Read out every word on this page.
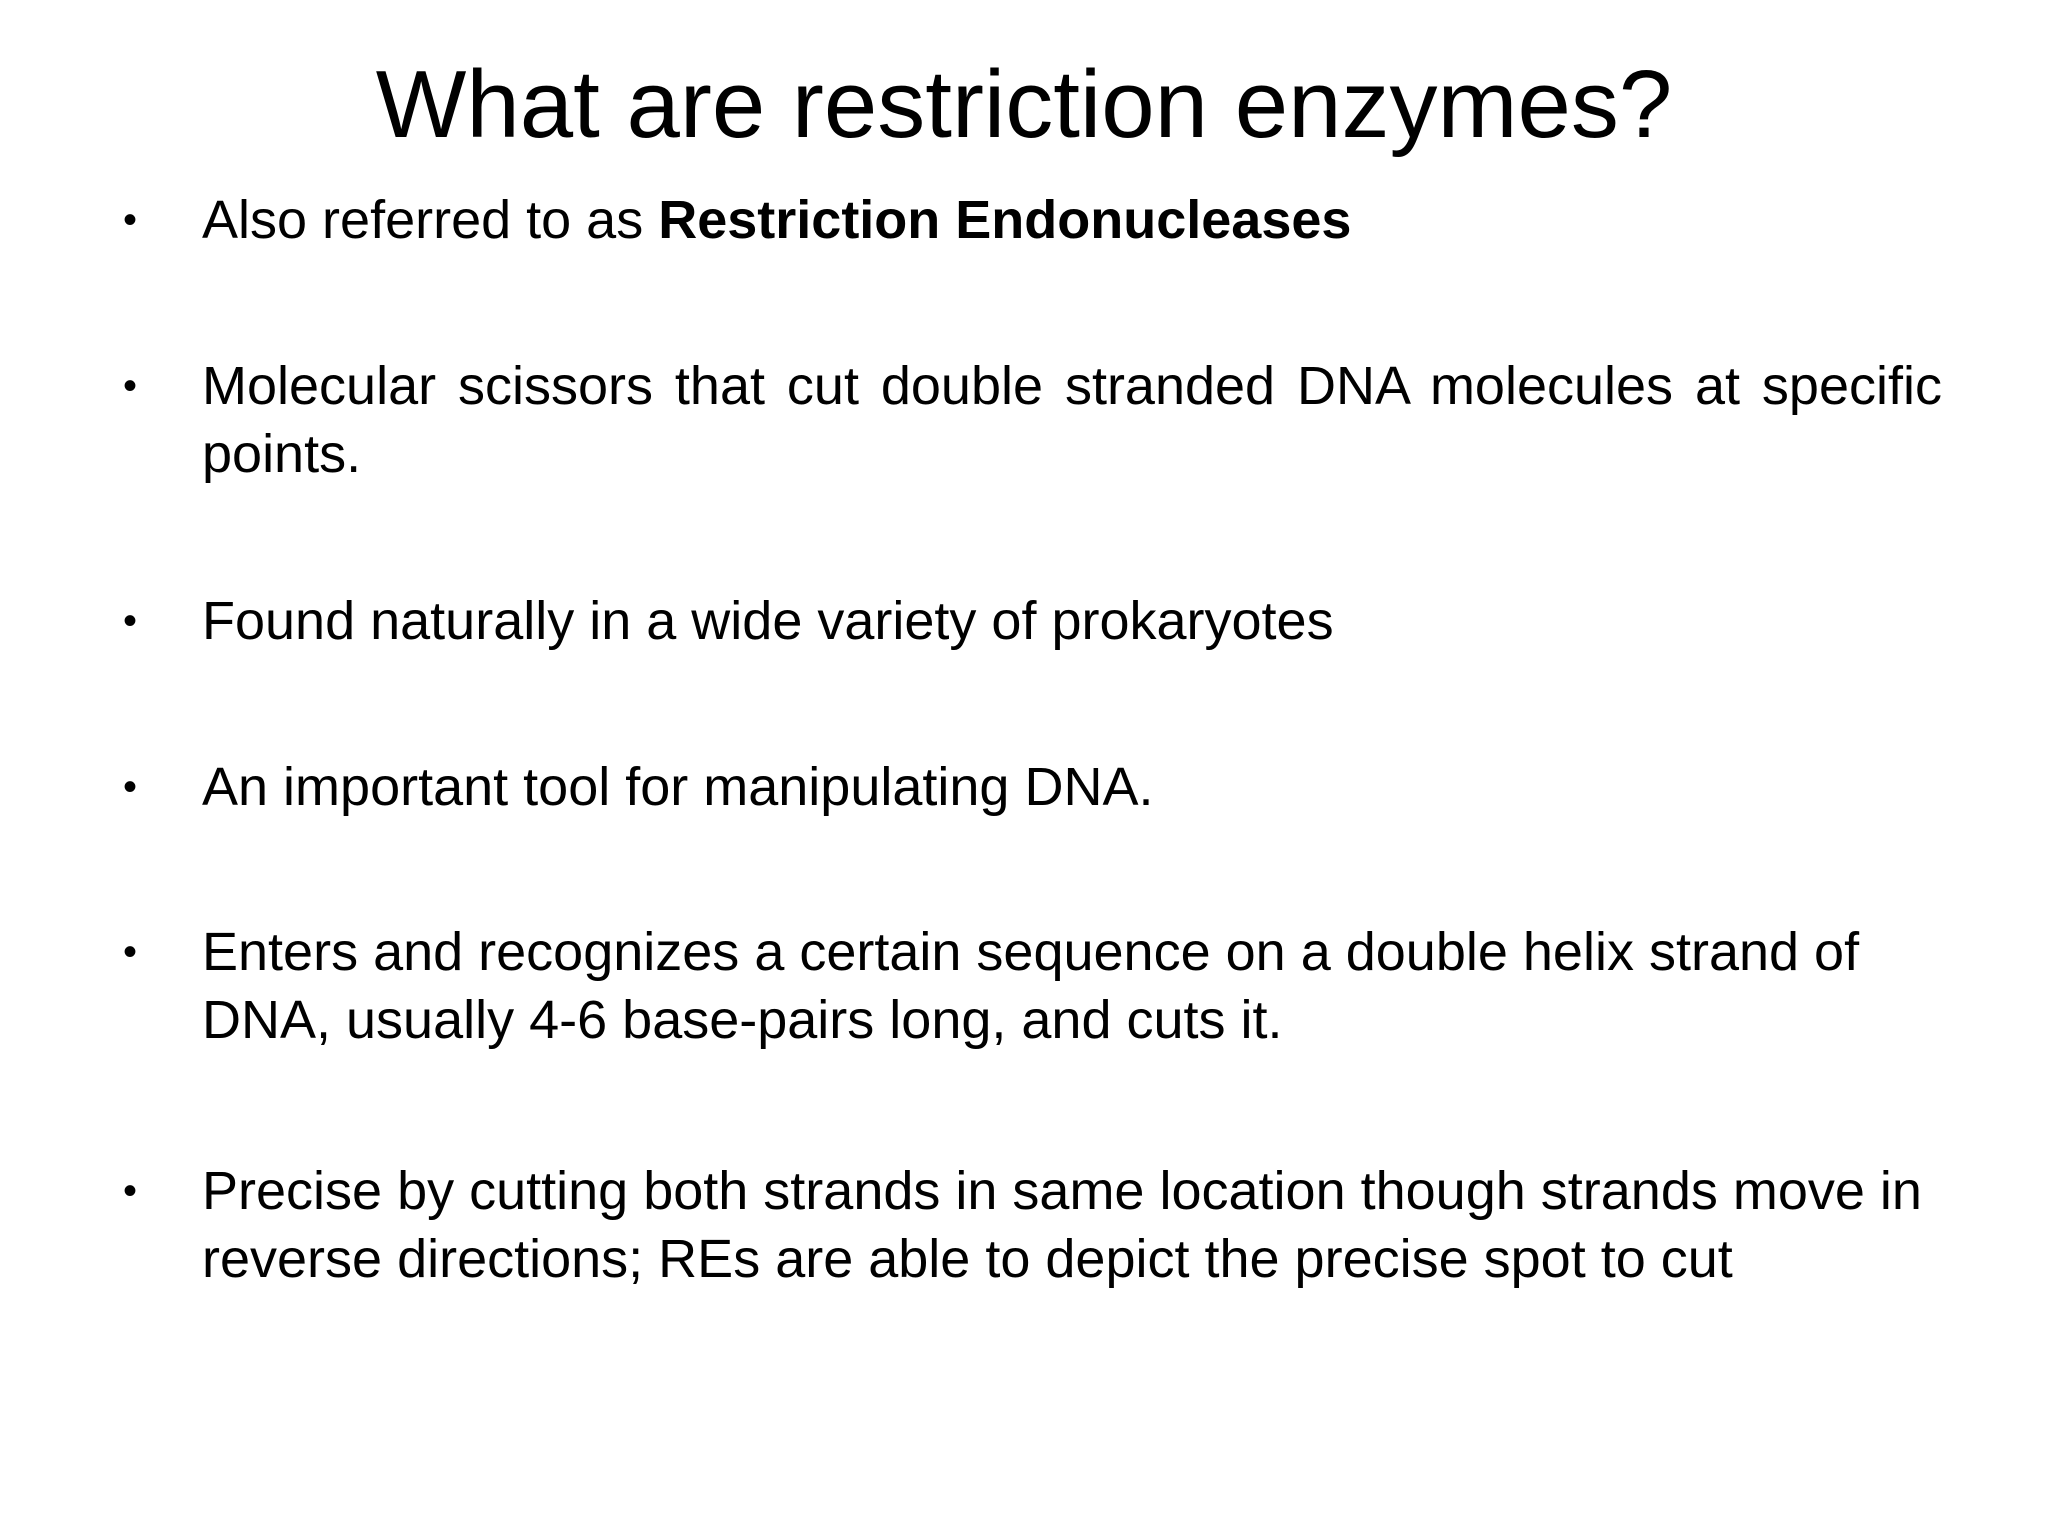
What are restriction enzymes?
• Also referred to as Restriction Endonucleases
• Molecular scissors that cut double stranded DNA molecules at specific points.
• Found naturally in a wide variety of prokaryotes
• An important tool for manipulating DNA.
• Enters and recognizes a certain sequence on a double helix strand of DNA, usually 4-6 base-pairs long, and cuts it.
• Precise by cutting both strands in same location though strands move in reverse directions; REs are able to depict the precise spot to cut
